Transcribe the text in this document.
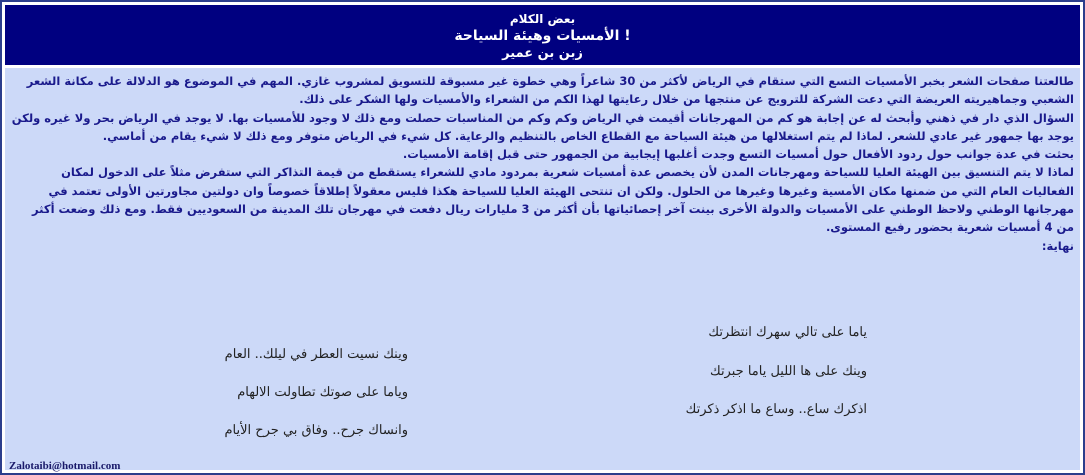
بعض الكلام
الأمسيات وهيئة السياحة !
زبن بن عمير

طالعتنا صفحات الشعر بخبر الأمسيات التسع التي ستقام في الرياض لأكثر من 30 شاعراً وهي خطوة غير مسبوقة للتسويق لمشروب غازي. المهم في الموضوع هو الدلالة على مكانة الشعر الشعبي وجماهيريته العريضة التي دعت الشركة للترويج عن منتجها من خلال رعايتها لهذا الكم من الشعراء والأمسيات ولها الشكر على ذلك.

السؤال الذي دار في ذهني وأبحث له عن إجابة هو كم من المهرجانات أقيمت في الرياض وكم وكم من المناسبات حصلت ومع ذلك لا وجود للأمسيات بها. لا يوجد في الرياض بحر ولا غيره ولكن يوجد بها جمهور غير عادي للشعر. لماذا لم يتم استغلالها من هيئة السياحة مع القطاع الخاص بالتنظيم والرعاية. كل شيء في الرياض متوفر ومع ذلك لا شيء يقام من أماسي.

بحثت في عدة جوانب حول ردود الأفعال حول أمسيات التسع وجدت أغلبها إيجابية من الجمهور حتى قبل إقامة الأمسيات.

لماذا لا يتم التنسيق بين الهيئة العليا للسياحة ومهرجانات المدن لأن يخصص عدة أمسيات شعرية بمردود مادي للشعراء يستقطع من قيمة التذاكر التي ستفرض مثلاً على الدخول لمكان الفعاليات العام التي من ضمنها مكان الأمسية وغيرها وغيرها من الحلول. ولكن ان تنتحى الهيئة العليا للسياحة هكذا فليس معقولاً إطلاقاً خصوصاً وان دولتين مجاورتين الأولى تعتمد في مهرجانها الوطني ولاحظ الوطني على الأمسيات والدولة الأخرى بينت آخر إحصائياتها بأن أكثر من 3 مليارات ريال دفعت في مهرجان تلك المدينة من السعوديين فقط. ومع ذلك وضعت أكثر من 4 أمسيات شعرية بحضور رفيع المستوى.

نهاية:

ياما على تالي سهرك انتظرتك
وينك على ها الليل ياما جبرتك
اذكرك ساع.. وساع ما اذكر ذكرتك
وينك نسيت العطر في ليلك.. العام
وياما على صوتك تطاولت الالهام
وانساك جرح.. وفاق بي جرح الأيام
Zalotaibi@hotmail.com
